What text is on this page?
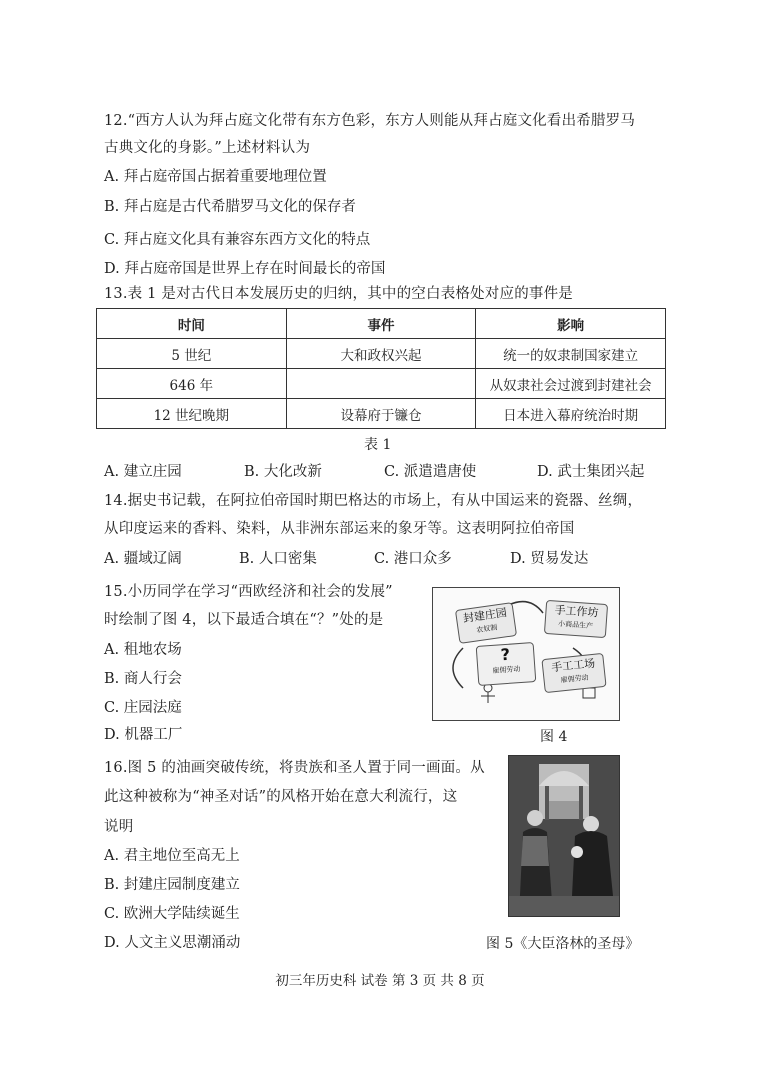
12.“西方人认为拜占庭文化带有东方色彩，东方人则能从拜占庭文化看出希腊罗马
古典文化的身影。”上述材料认为
A. 拜占庭帝国占据着重要地理位置
B. 拜占庭是古代希腊罗马文化的保存者
C. 拜占庭文化具有兼容东西方文化的特点
D. 拜占庭帝国是世界上存在时间最长的帝国
13.表 1 是对古代日本发展历史的归纳，其中的空白表格处对应的事件是
时间	事件	影响
5 世纪	大和政权兴起	统一的奴隶制国家建立
646 年		从奴隶社会过渡到封建社会
12 世纪晚期	设幕府于镰仓	日本进入幕府统治时期
表 1
A. 建立庄园	B. 大化改新	C. 派遣遣唐使	D. 武士集团兴起
14.据史书记载，在阿拉伯帝国时期巴格达的市场上，有从中国运来的瓷器、丝绸，
从印度运来的香料、染料，从非洲东部运来的象牙等。这表明阿拉伯帝国
A. 疆域辽阔	B. 人口密集	C. 港口众多	D. 贸易发达
15.小历同学在学习“西欧经济和社会的发展”
时绘制了图 4，以下最适合填在“？”处的是
A. 租地农场
B. 商人行会
C. 庄园法庭
D. 机器工厂
封建庄园
农奴制
手工作坊
小商品生产
?
雇佣劳动	手工工场
雇佣劳动
图 4
16.图 5 的油画突破传统，将贵族和圣人置于同一画面。从
此这种被称为“神圣对话”的风格开始在意大利流行，这
说明
A. 君主地位至高无上
B. 封建庄园制度建立
C. 欧洲大学陆续诞生
D. 人文主义思潮涌动	图 5《大臣洛林的圣母》
初三年历史科 试卷 第 3 页 共 8 页
